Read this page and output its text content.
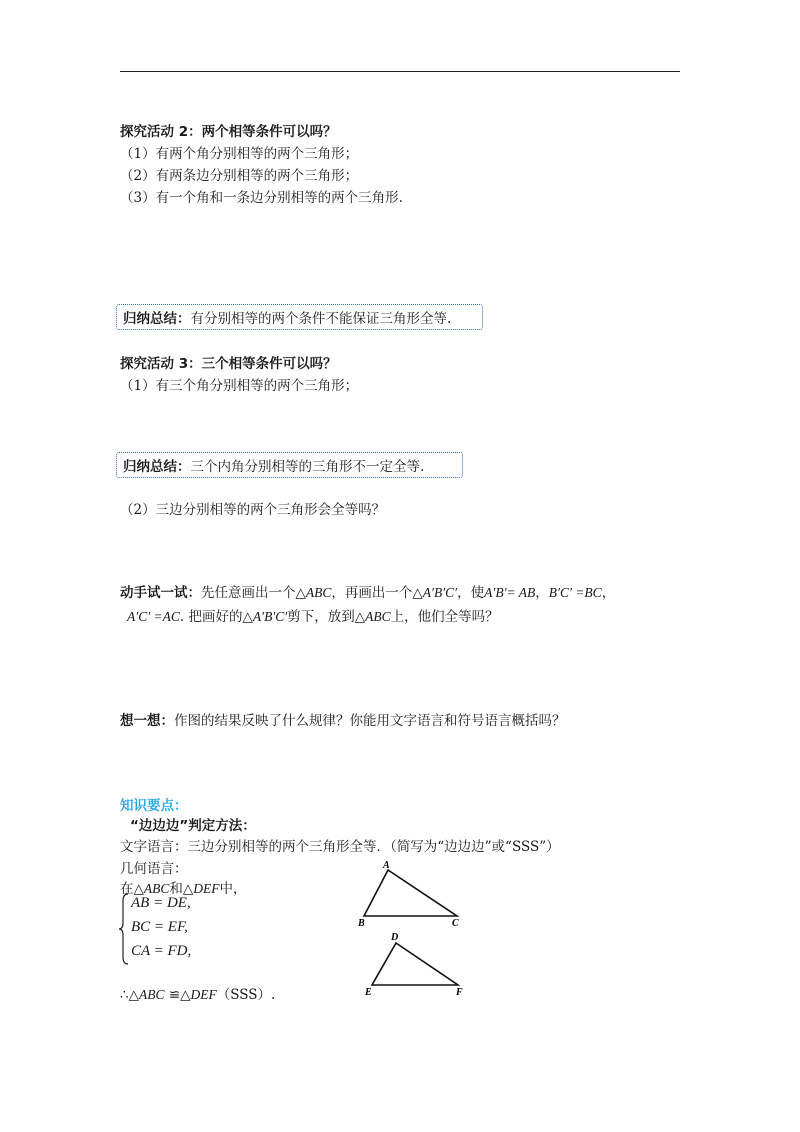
探究活动 2：两个相等条件可以吗？
（1）有两个角分别相等的两个三角形；
（2）有两条边分别相等的两个三角形；
（3）有一个角和一条边分别相等的两个三角形.
归纳总结： 有分别相等的两个条件不能保证三角形全等.
探究活动 3：三个相等条件可以吗？
（1）有三个角分别相等的两个三角形；
归纳总结： 三个内角分别相等的三角形不一定全等.
（2）三边分别相等的两个三角形会全等吗？
动手试一试：先任意画出一个△ABC，再画出一个△A′B′C′，使A′B′= AB，B′C′ =BC，
A′C′ =AC. 把画好的△A′B′C′剪下，放到△ABC上，他们全等吗？
想一想：作图的结果反映了什么规律？你能用文字语言和符号语言概括吗？
知识要点：
“边边边”判定方法：
文字语言：三边分别相等的两个三角形全等．（简写为“边边边”或“SSS”）
几何语言：
在△ABC和△DEF中，
AB = DE,
BC = EF,
CA = FD,
∴△ABC ≌△DEF（SSS）.
A
B	C
D
E	F
